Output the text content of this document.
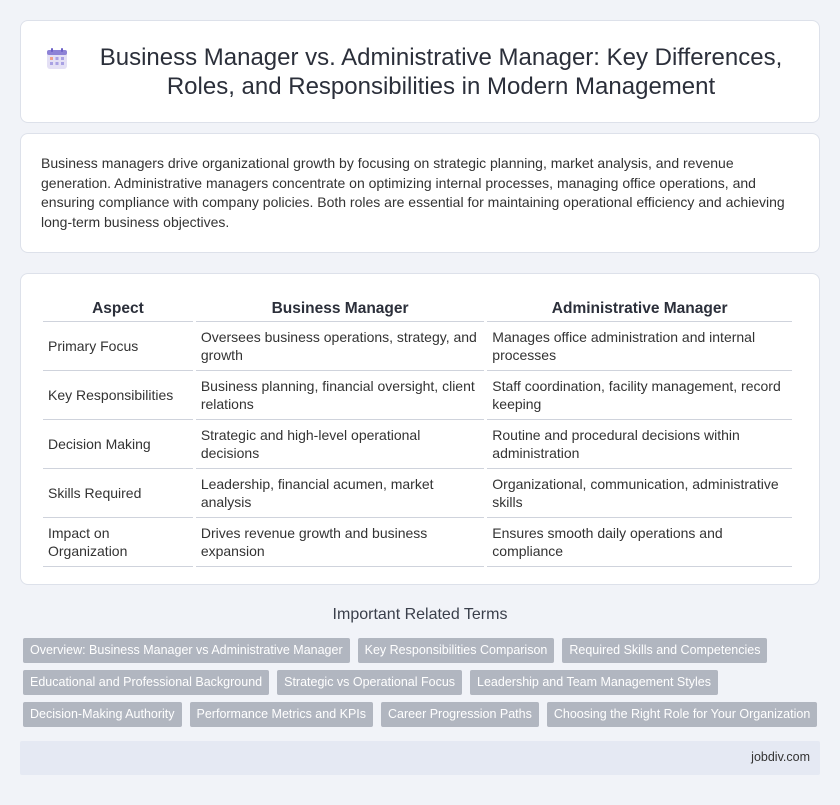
Business Manager vs. Administrative Manager: Key Differences, Roles, and Responsibilities in Modern Management

Business managers drive organizational growth by focusing on strategic planning, market analysis, and revenue generation. Administrative managers concentrate on optimizing internal processes, managing office operations, and ensuring compliance with company policies. Both roles are essential for maintaining operational efficiency and achieving long-term business objectives.

Aspect	Business Manager	Administrative Manager
Primary Focus	Oversees business operations, strategy, and growth	Manages office administration and internal processes
Key Responsibilities	Business planning, financial oversight, client relations	Staff coordination, facility management, record keeping
Decision Making	Strategic and high-level operational decisions	Routine and procedural decisions within administration
Skills Required	Leadership, financial acumen, market analysis	Organizational, communication, administrative skills
Impact on Organization	Drives revenue growth and business expansion	Ensures smooth daily operations and compliance
Important Related Terms
Overview: Business Manager vs Administrative Manager	Key Responsibilities Comparison	Required Skills and Competencies
Educational and Professional Background	Strategic vs Operational Focus	Leadership and Team Management Styles
Decision-Making Authority	Performance Metrics and KPIs	Career Progression Paths	Choosing the Right Role for Your Organization
jobdiv.com
